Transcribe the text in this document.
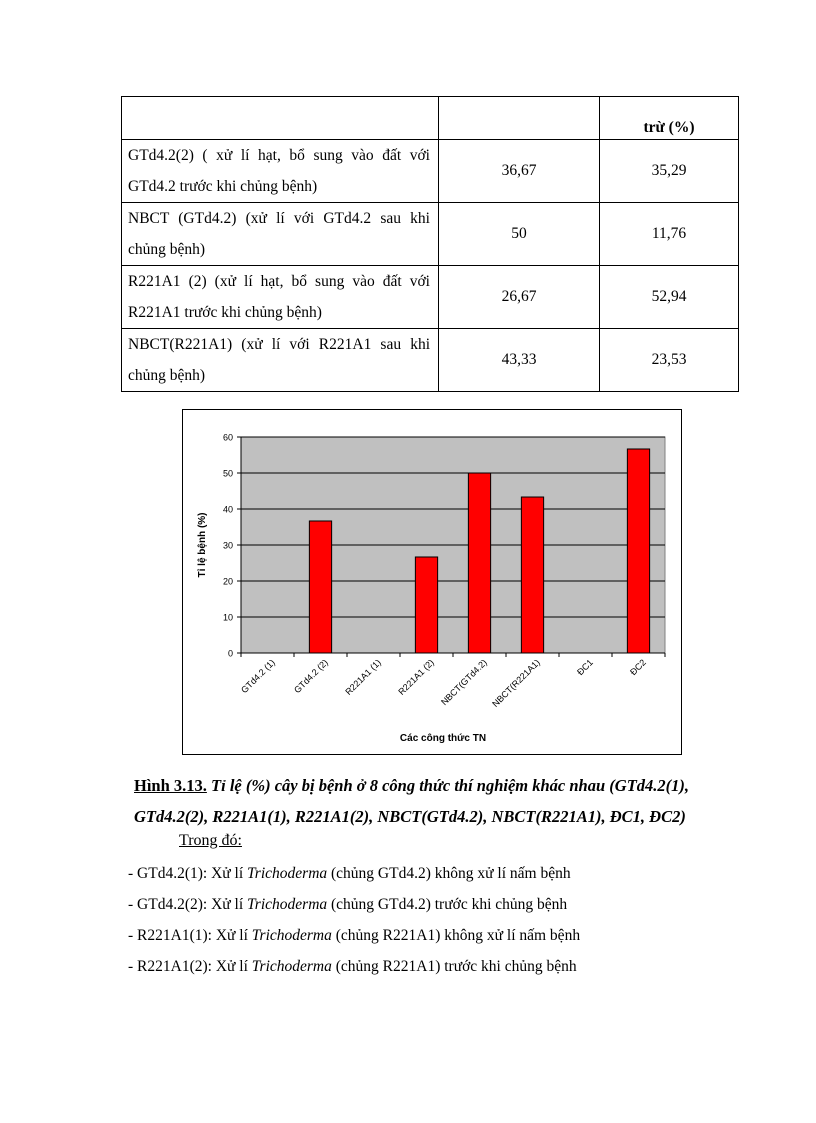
		trừ (%)
GTd4.2(2) ( xử lí hạt, bổ sung vào đất với GTd4.2 trước khi chủng bệnh)	36,67	35,29
NBCT (GTd4.2) (xử lí với GTd4.2 sau khi chủng bệnh)	50	11,76
R221A1 (2) (xử lí hạt, bổ sung vào đất với R221A1 trước khi chủng bệnh)	26,67	52,94
NBCT(R221A1) (xử lí với R221A1 sau khi chủng bệnh)	43,33	23,53
0
10
20
30
40
50
60
GTd4.2 (1) GTd4.2 (2) R221A1 (1) R221A1 (2) NBCT(GTd4.2) NBCT(R221A1)	ĐC1	ĐC2
Tỉ lệ bệnh (%)
Các công thức TN
Hình 3.13. Tỉ lệ (%) cây bị bệnh ở 8 công thức thí nghiệm khác nhau (GTd4.2(1),
GTd4.2(2), R221A1(1), R221A1(2), NBCT(GTd4.2), NBCT(R221A1), ĐC1, ĐC2)
Trong đó:
- GTd4.2(1): Xử lí Trichoderma (chủng GTd4.2) không xử lí nấm bệnh
- GTd4.2(2): Xử lí Trichoderma (chủng GTd4.2) trước khi chủng bệnh
- R221A1(1): Xử lí Trichoderma (chủng R221A1) không xử lí nấm bệnh
- R221A1(2): Xử lí Trichoderma (chủng R221A1) trước khi chủng bệnh
